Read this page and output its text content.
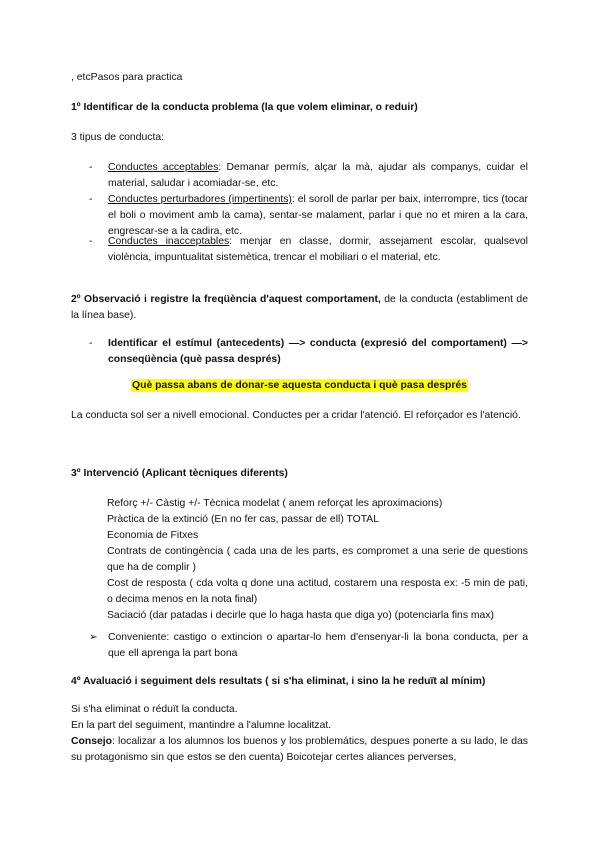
, etcPasos para practica
1º Identificar de la conducta problema (la que volem eliminar, o reduir)
3 tipus de conducta:
- Conductes acceptables: Demanar permís, alçar la mà, ajudar als companys, cuidar el material, saludar i acomiadar-se, etc.
- Conductes perturbadores (impertinents): el soroll de parlar per baix, interrompre, tics (tocar el boli o moviment amb la cama), sentar-se malament, parlar i que no et miren a la cara, engrescar-se a la cadira, etc.
- Conductes inacceptables: menjar en classe, dormir, assejament escolar, qualsevol violència, impuntualitat sistemètica, trencar el mobiliari o el material, etc.
2º Observació i registre la freqüència d'aquest comportament, de la conducta (establiment de la línea base).
- Identificar el estímul (antecedents) —> conducta (expresió del comportament) —> conseqüència (què passa després)
Què passa abans de donar-se aquesta conducta i què pasa després
La conducta sol ser a nivell emocional. Conductes per a cridar l'atenció. El reforçador es l'atenció.
3º Intervenció (Aplicant tècniques diferents)
Reforç +/- Càstig +/- Tècnica modelat ( anem reforçat les aproximacions)
Pràctica de la extinció (En no fer cas, passar de ell) TOTAL
Economia de Fitxes
Contrats de contingència ( cada una de les parts, es compromet a una serie de questions que ha de complir )
Cost de resposta ( cda volta q done una actitud, costarem una resposta ex: -5 min de pati, o decima menos en la nota final)
Saciació (dar patadas i decirle que lo haga hasta que diga yo) (potenciarla fins max)
➢ Conveniente: castigo o extincion o apartar-lo hem d'ensenyar-li la bona conducta, per a que ell aprenga la part bona
4º Avaluació i seguiment dels resultats ( si s'ha eliminat, i sino la he reduït al mínim)
Si s'ha eliminat o réduït la conducta.
En la part del seguiment, mantindre a l'alumne localitzat.
Consejo: localizar a los alumnos los buenos y los problemátics, despues ponerte a su lado, le das su protagonismo sin que estos se den cuenta) Boicotejar certes aliances perverses,
